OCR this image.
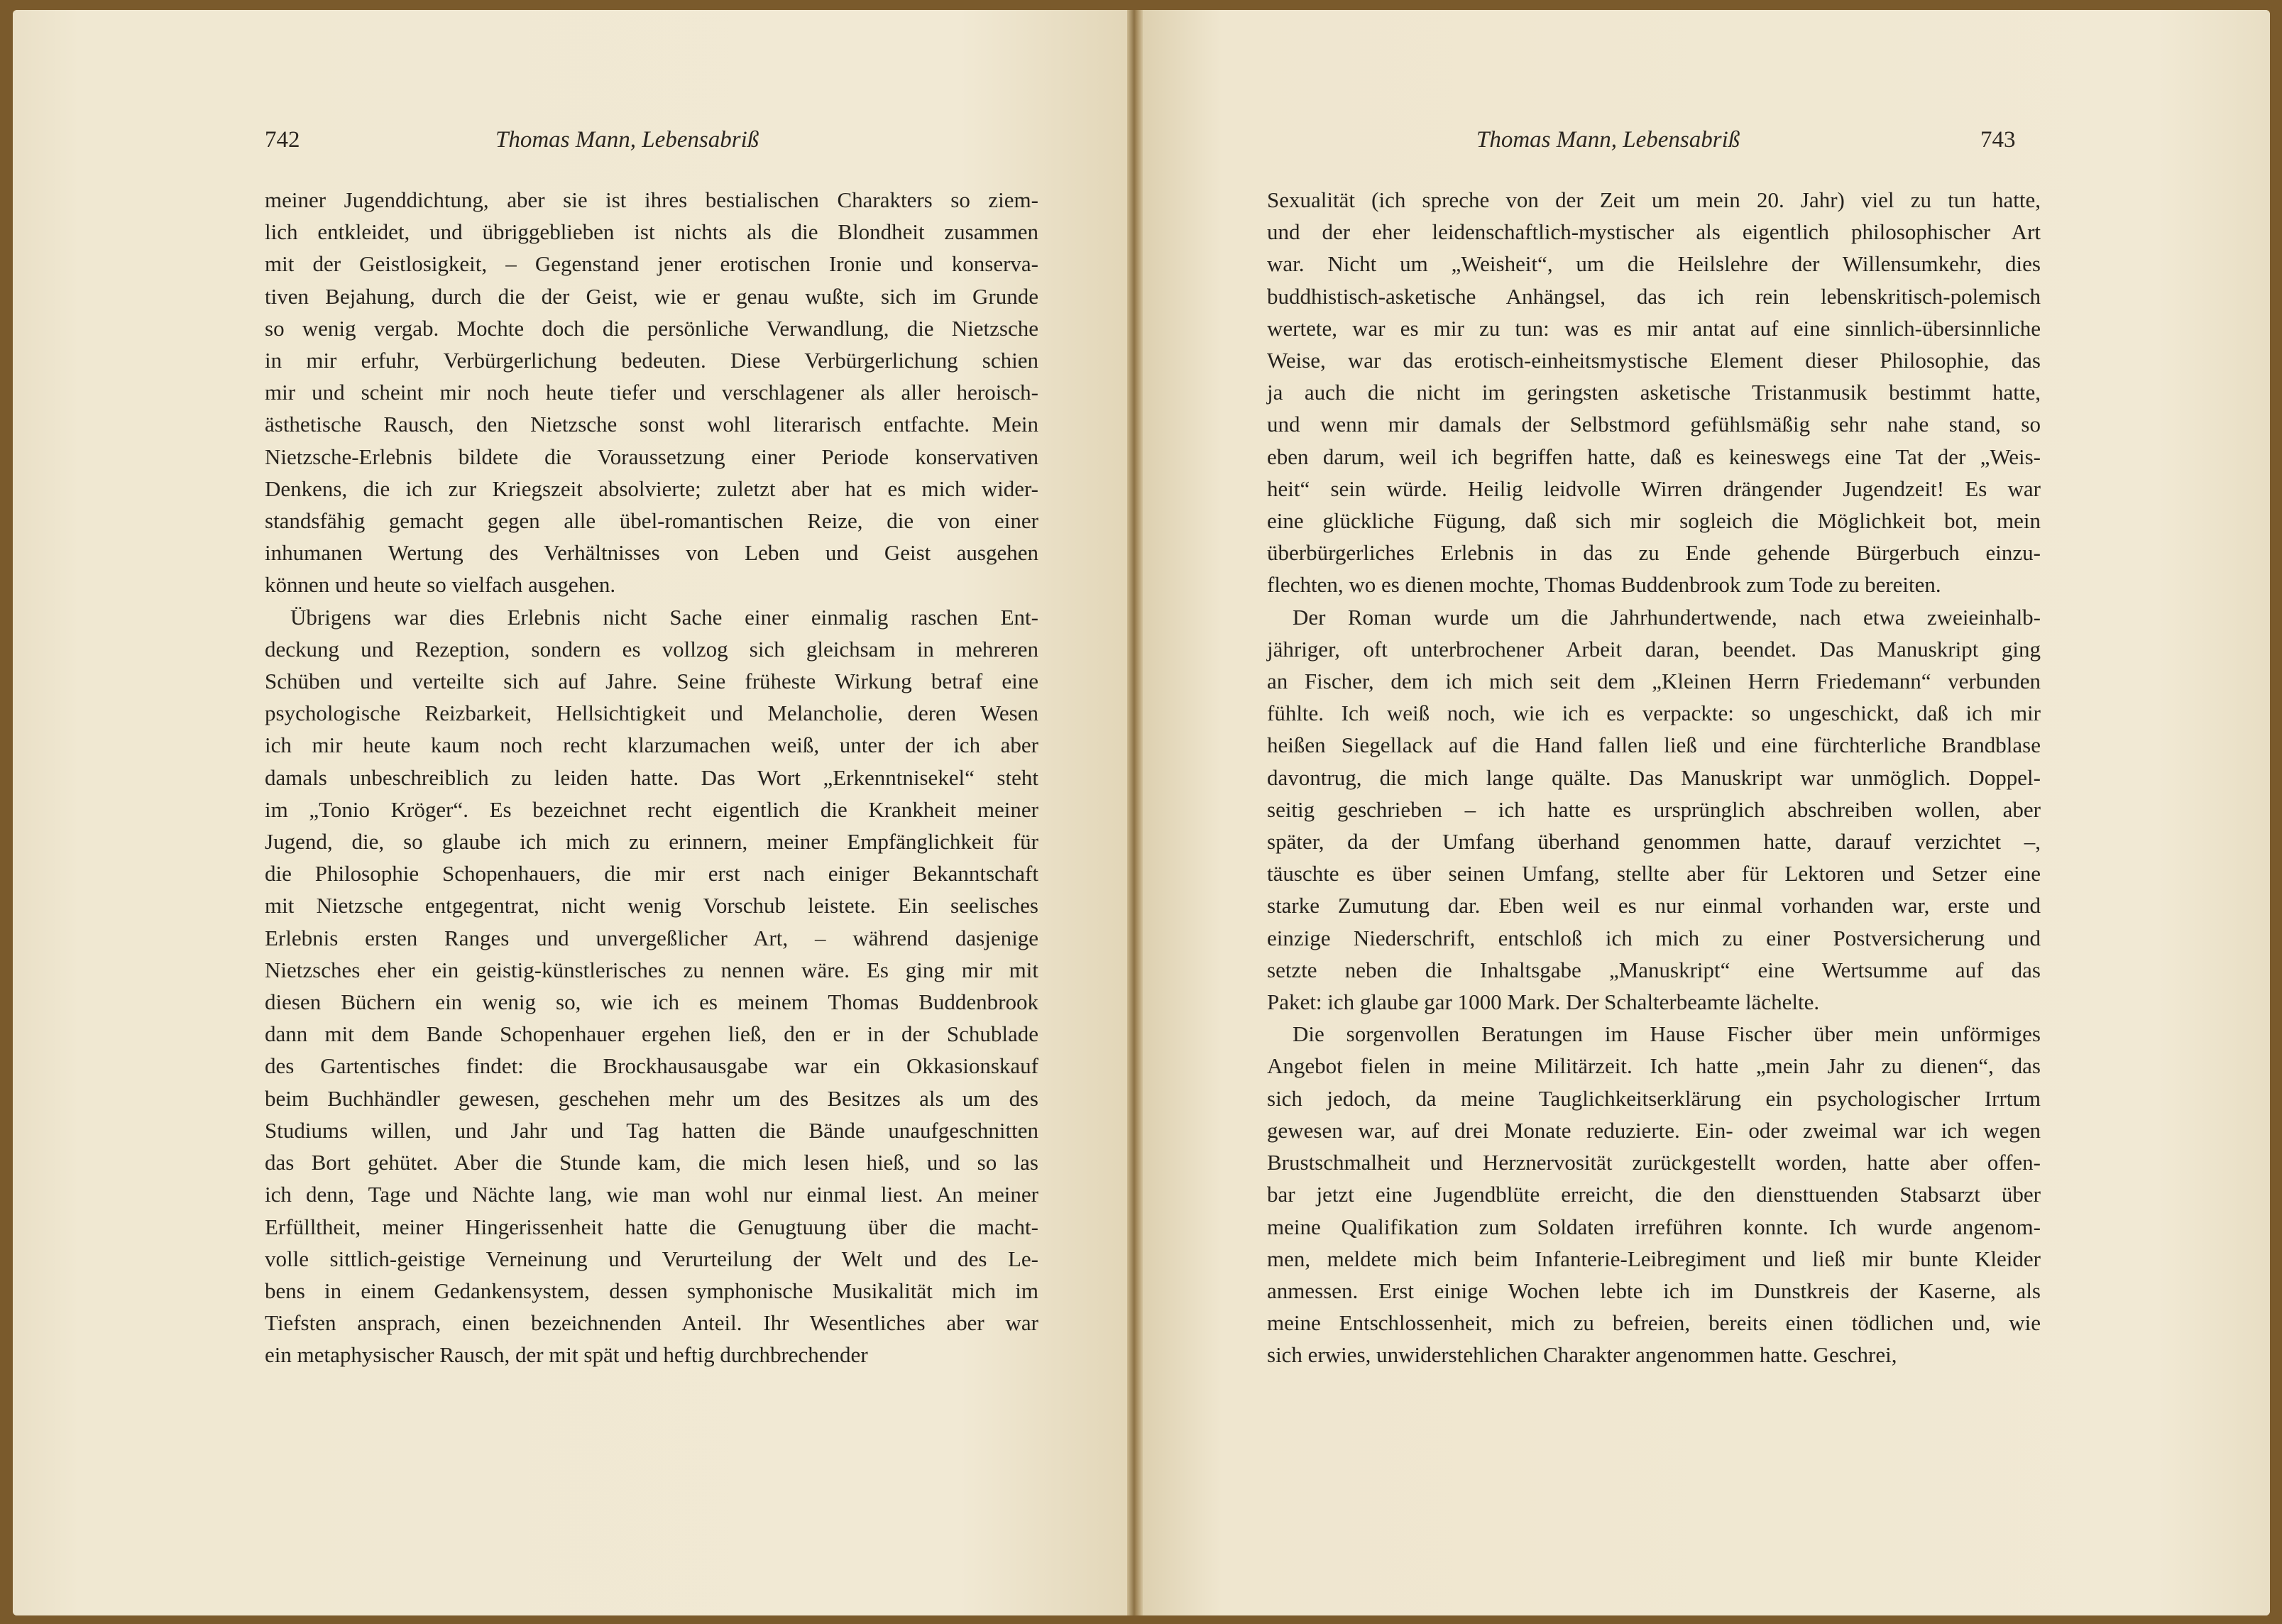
742	Thomas Mann, Lebensabriß

meiner Jugenddichtung, aber sie ist ihres bestialischen Charakters so ziem-

lich entkleidet, und übriggeblieben ist nichts als die Blondheit zusammen

mit der Geistlosigkeit, – Gegenstand jener erotischen Ironie und konserva-

tiven Bejahung, durch die der Geist, wie er genau wußte, sich im Grunde

so wenig vergab. Mochte doch die persönliche Verwandlung, die Nietzsche

in mir erfuhr, Verbürgerlichung bedeuten. Diese Verbürgerlichung schien

mir und scheint mir noch heute tiefer und verschlagener als aller heroisch-

ästhetische Rausch, den Nietzsche sonst wohl literarisch entfachte. Mein

Nietzsche-Erlebnis bildete die Voraussetzung einer Periode konservativen

Denkens, die ich zur Kriegszeit absolvierte; zuletzt aber hat es mich wider-

standsfähig gemacht gegen alle übel-romantischen Reize, die von einer

inhumanen Wertung des Verhältnisses von Leben und Geist ausgehen

können und heute so vielfach ausgehen.

Übrigens war dies Erlebnis nicht Sache einer einmalig raschen Ent-

deckung und Rezeption, sondern es vollzog sich gleichsam in mehreren

Schüben und verteilte sich auf Jahre. Seine früheste Wirkung betraf eine

psychologische Reizbarkeit, Hellsichtigkeit und Melancholie, deren Wesen

ich mir heute kaum noch recht klarzumachen weiß, unter der ich aber

damals unbeschreiblich zu leiden hatte. Das Wort „Erkenntnisekel“ steht

im „Tonio Kröger“. Es bezeichnet recht eigentlich die Krankheit meiner

Jugend, die, so glaube ich mich zu erinnern, meiner Empfänglichkeit für

die Philosophie Schopenhauers, die mir erst nach einiger Bekanntschaft

mit Nietzsche entgegentrat, nicht wenig Vorschub leistete. Ein seelisches

Erlebnis ersten Ranges und unvergeßlicher Art, – während dasjenige

Nietzsches eher ein geistig-künstlerisches zu nennen wäre. Es ging mir mit

diesen Büchern ein wenig so, wie ich es meinem Thomas Buddenbrook

dann mit dem Bande Schopenhauer ergehen ließ, den er in der Schublade

des Gartentisches findet: die Brockhausausgabe war ein Okkasionskauf

beim Buchhändler gewesen, geschehen mehr um des Besitzes als um des

Studiums willen, und Jahr und Tag hatten die Bände unaufgeschnitten

das Bort gehütet. Aber die Stunde kam, die mich lesen hieß, und so las

ich denn, Tage und Nächte lang, wie man wohl nur einmal liest. An meiner

Erfülltheit, meiner Hingerissenheit hatte die Genugtuung über die macht-

volle sittlich-geistige Verneinung und Verurteilung der Welt und des Le-

bens in einem Gedankensystem, dessen symphonische Musikalität mich im

Tiefsten ansprach, einen bezeichnenden Anteil. Ihr Wesentliches aber war

ein metaphysischer Rausch, der mit spät und heftig durchbrechender

Thomas Mann, Lebensabriß	743

Sexualität (ich spreche von der Zeit um mein 20. Jahr) viel zu tun hatte,

und der eher leidenschaftlich-mystischer als eigentlich philosophischer Art

war. Nicht um „Weisheit“, um die Heilslehre der Willensumkehr, dies

buddhistisch-asketische Anhängsel, das ich rein lebenskritisch-polemisch

wertete, war es mir zu tun: was es mir antat auf eine sinnlich-übersinnliche

Weise, war das erotisch-einheitsmystische Element dieser Philosophie, das

ja auch die nicht im geringsten asketische Tristanmusik bestimmt hatte,

und wenn mir damals der Selbstmord gefühlsmäßig sehr nahe stand, so

eben darum, weil ich begriffen hatte, daß es keineswegs eine Tat der „Weis-

heit“ sein würde. Heilig leidvolle Wirren drängender Jugendzeit! Es war

eine glückliche Fügung, daß sich mir sogleich die Möglichkeit bot, mein

überbürgerliches Erlebnis in das zu Ende gehende Bürgerbuch einzu-

flechten, wo es dienen mochte, Thomas Buddenbrook zum Tode zu bereiten.

Der Roman wurde um die Jahrhundertwende, nach etwa zweieinhalb-

jähriger, oft unterbrochener Arbeit daran, beendet. Das Manuskript ging

an Fischer, dem ich mich seit dem „Kleinen Herrn Friedemann“ verbunden

fühlte. Ich weiß noch, wie ich es verpackte: so ungeschickt, daß ich mir

heißen Siegellack auf die Hand fallen ließ und eine fürchterliche Brandblase

davontrug, die mich lange quälte. Das Manuskript war unmöglich. Doppel-

seitig geschrieben – ich hatte es ursprünglich abschreiben wollen, aber

später, da der Umfang überhand genommen hatte, darauf verzichtet –,

täuschte es über seinen Umfang, stellte aber für Lektoren und Setzer eine

starke Zumutung dar. Eben weil es nur einmal vorhanden war, erste und

einzige Niederschrift, entschloß ich mich zu einer Postversicherung und

setzte neben die Inhaltsgabe „Manuskript“ eine Wertsumme auf das

Paket: ich glaube gar 1000 Mark. Der Schalterbeamte lächelte.

Die sorgenvollen Beratungen im Hause Fischer über mein unförmiges

Angebot fielen in meine Militärzeit. Ich hatte „mein Jahr zu dienen“, das

sich jedoch, da meine Tauglichkeitserklärung ein psychologischer Irrtum

gewesen war, auf drei Monate reduzierte. Ein- oder zweimal war ich wegen

Brustschmalheit und Herznervosität zurückgestellt worden, hatte aber offen-

bar jetzt eine Jugendblüte erreicht, die den diensttuenden Stabsarzt über

meine Qualifikation zum Soldaten irreführen konnte. Ich wurde angenom-

men, meldete mich beim Infanterie-Leibregiment und ließ mir bunte Kleider

anmessen. Erst einige Wochen lebte ich im Dunstkreis der Kaserne, als

meine Entschlossenheit, mich zu befreien, bereits einen tödlichen und, wie

sich erwies, unwiderstehlichen Charakter angenommen hatte. Geschrei,
